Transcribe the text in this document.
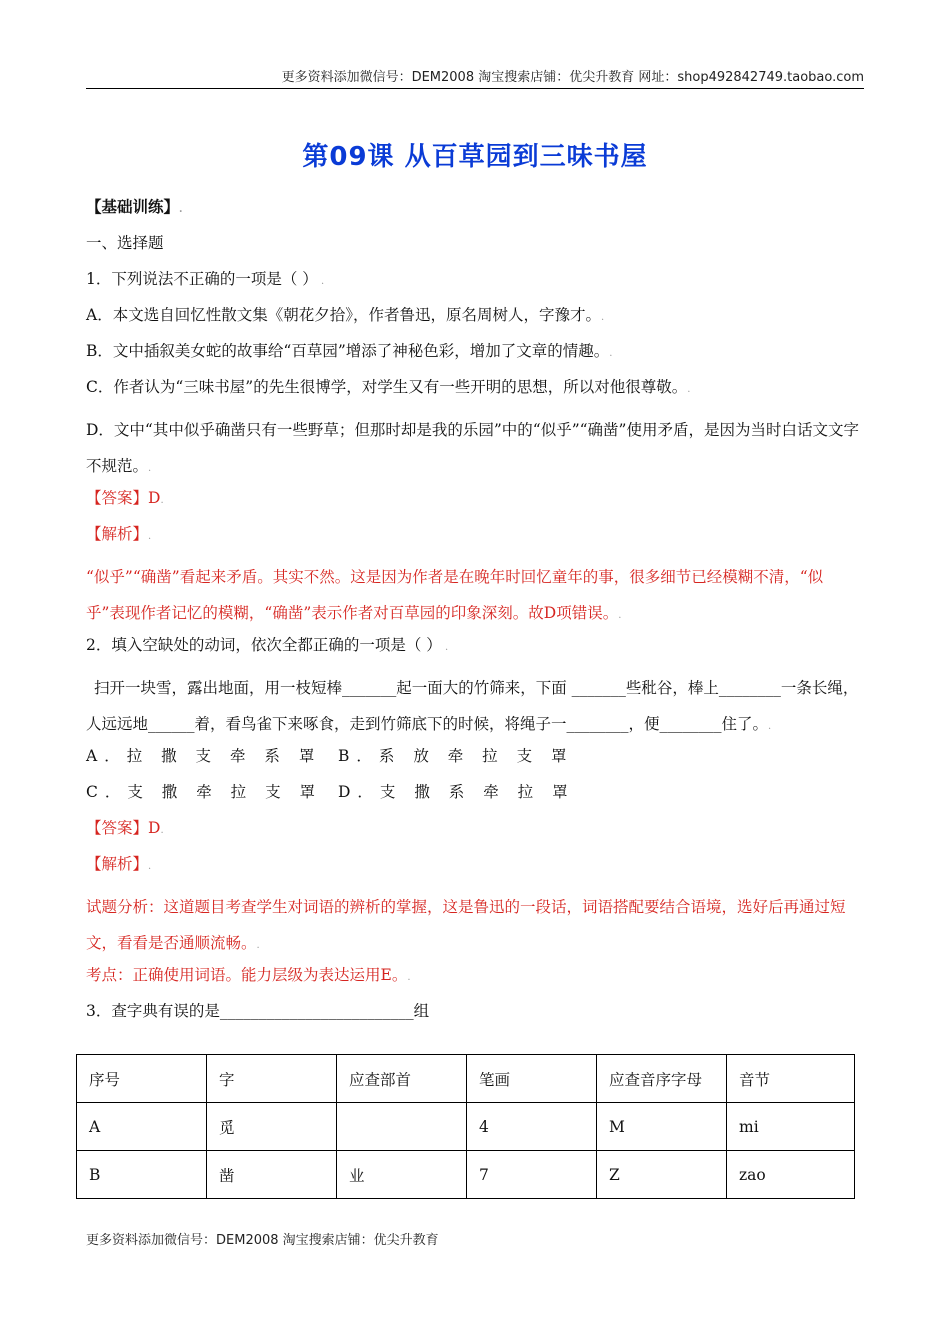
更多资料添加微信号：DEM2008 淘宝搜索店铺：优尖升教育 网址：shop492842749.taobao.com
第09课 从百草园到三味书屋
【基础训练】.
一、选择题
1．下列说法不正确的一项是（ ） .
A．本文选自回忆性散文集《朝花夕拾》，作者鲁迅，原名周树人，字豫才。.
B．文中插叙美女蛇的故事给“百草园”增添了神秘色彩，增加了文章的情趣。.
C．作者认为“三味书屋”的先生很博学，对学生又有一些开明的思想，所以对他很尊敬。.
D．文中“其中似乎确凿只有一些野草；但那时却是我的乐园”中的“似乎”“确凿”使用矛盾，是因为当时白话文文字不规范。.
【答案】D.
【解析】.
“似乎”“确凿”看起来矛盾。其实不然。这是因为作者是在晚年时回忆童年的事，很多细节已经模糊不清，“似乎”表现作者记忆的模糊，“确凿”表示作者对百草园的印象深刻。故D项错误。.
2．填入空缺处的动词，依次全都正确的一项是（ ） .
扫开一块雪，露出地面，用一枝短棒_______起一面大的竹筛来，下面 _______些秕谷，棒上________一条长绳，人远远地______着，看鸟雀下来啄食，走到竹筛底下的时候，将绳子一________，便________住了。.
A．拉 撒 支 牵 系 罩	B．系 放 牵 拉 支 罩
C．支 撒 牵 拉 支 罩	D．支 撒 系 牵 拉 罩
【答案】D.
【解析】.
试题分析：这道题目考查学生对词语的辨析的掌握，这是鲁迅的一段话，词语搭配要结合语境，选好后再通过短文，看看是否通顺流畅。.
考点：正确使用词语。能力层级为表达运用E。.
3．查字典有误的是_________________________组
序号	字	应查部首	笔画	应查音序字母	音节
A	觅		4	M	mi
B	凿	业	7	Z	zao
更多资料添加微信号：DEM2008 淘宝搜索店铺：优尖升教育
